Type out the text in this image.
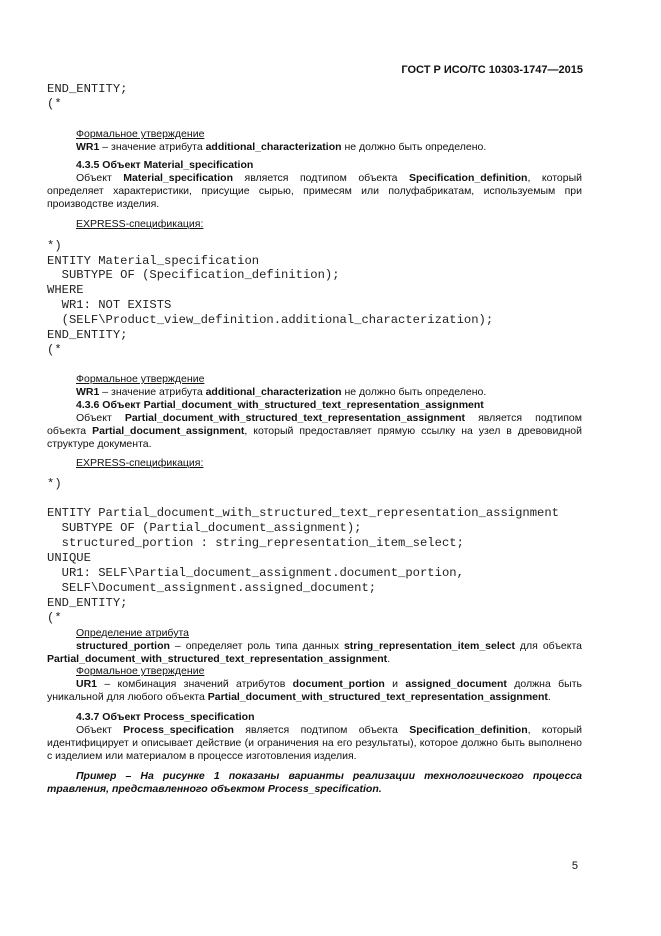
ГОСТ Р ИСО/ТС 10303-1747—2015
END_ENTITY;
(*
Формальное утверждение
WR1 – значение атрибута additional_characterization не должно быть определено.
4.3.5 Объект Material_specification
Объект Material_specification является подтипом объекта Specification_definition, который определяет характеристики, присущие сырью, примесям или полуфабрикатам, используемым при производстве изделия.
EXPRESS-спецификация:
*)
ENTITY Material_specification
SUBTYPE OF (Specification_definition);
WHERE
WR1: NOT EXISTS
(SELF\Product_view_definition.additional_characterization);
END_ENTITY;
(*
Формальное утверждение
WR1 – значение атрибута additional_characterization не должно быть определено.
4.3.6 Объект Partial_document_with_structured_text_representation_assignment
Объект Partial_document_with_structured_text_representation_assignment является подтипом объекта Partial_document_assignment, который предоставляет прямую ссылку на узел в древовидной структуре документа.
EXPRESS-спецификация:
*)
ENTITY Partial_document_with_structured_text_representation_assignment
SUBTYPE OF (Partial_document_assignment);
structured_portion : string_representation_item_select;
UNIQUE
UR1: SELF\Partial_document_assignment.document_portion,
SELF\Document_assignment.assigned_document;
END_ENTITY;
(*
Определение атрибута
structured_portion – определяет роль типа данных string_representation_item_select для объекта Partial_document_with_structured_text_representation_assignment.
Формальное утверждение
UR1 – комбинация значений атрибутов document_portion и assigned_document должна быть уникальной для любого объекта Partial_document_with_structured_text_representation_assignment.
4.3.7 Объект Process_specification
Объект Process_specification является подтипом объекта Specification_definition, который идентифицирует и описывает действие (и ограничения на его результаты), которое должно быть выполнено с изделием или материалом в процессе изготовления изделия.
Пример – На рисунке 1 показаны варианты реализации технологического процесса травления, представленного объектом Process_specification.
5
